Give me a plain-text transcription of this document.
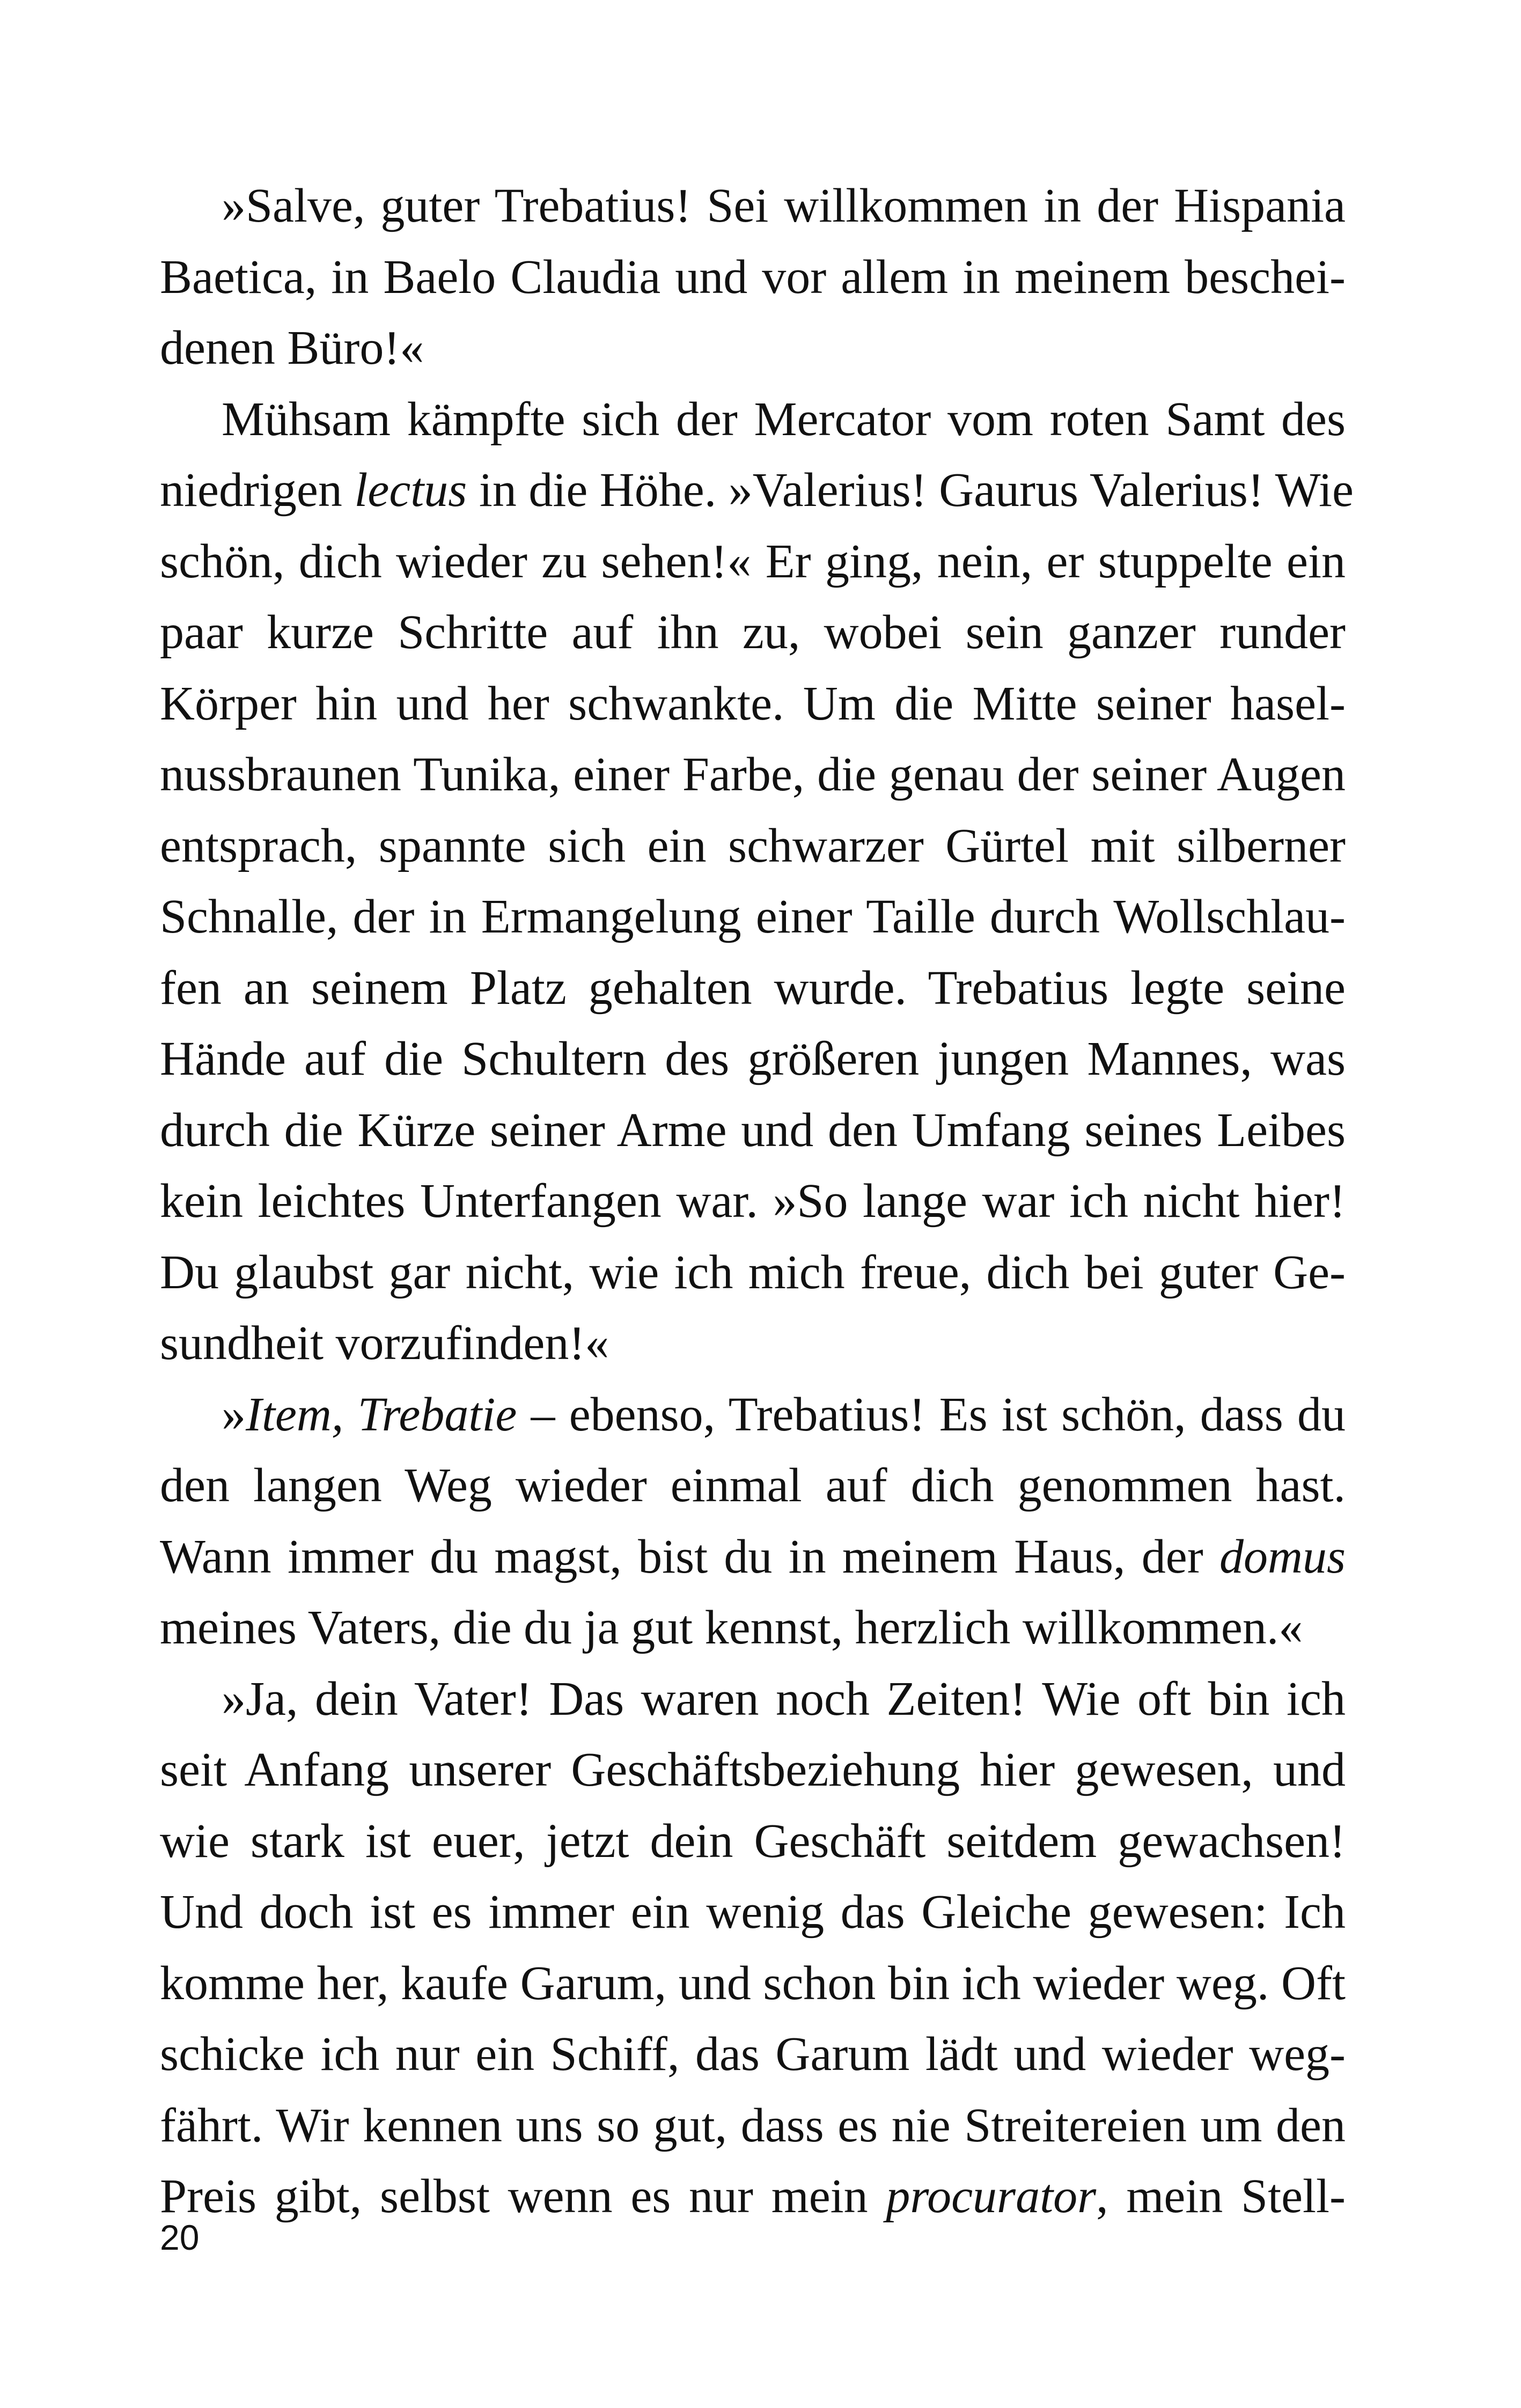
»Salve, guter Trebatius! Sei willkommen in der Hispania
Baetica, in Baelo Claudia und vor allem in meinem beschei-
denen Büro!«
Mühsam kämpfte sich der Mercator vom roten Samt des
niedrigen lectus in die Höhe. »Valerius! Gaurus Valerius! Wie
schön, dich wieder zu sehen!« Er ging, nein, er stuppelte ein
paar kurze Schritte auf ihn zu, wobei sein ganzer runder
Körper hin und her schwankte. Um die Mitte seiner hasel-
nussbraunen Tunika, einer Farbe, die genau der seiner Augen
entsprach, spannte sich ein schwarzer Gürtel mit silberner
Schnalle, der in Ermangelung einer Taille durch Wollschlau-
fen an seinem Platz gehalten wurde. Trebatius legte seine
Hände auf die Schultern des größeren jungen Mannes, was
durch die Kürze seiner Arme und den Umfang seines Leibes
kein leichtes Unterfangen war. »So lange war ich nicht hier!
Du glaubst gar nicht, wie ich mich freue, dich bei guter Ge-
sundheit vorzufinden!«
»Item, Trebatie – ebenso, Trebatius! Es ist schön, dass du
den langen Weg wieder einmal auf dich genommen hast.
Wann immer du magst, bist du in meinem Haus, der domus
meines Vaters, die du ja gut kennst, herzlich willkommen.«
»Ja, dein Vater! Das waren noch Zeiten! Wie oft bin ich
seit Anfang unserer Geschäftsbeziehung hier gewesen, und
wie stark ist euer, jetzt dein Geschäft seitdem gewachsen!
Und doch ist es immer ein wenig das Gleiche gewesen: Ich
komme her, kaufe Garum, und schon bin ich wieder weg. Oft
schicke ich nur ein Schiff, das Garum lädt und wieder weg-
fährt. Wir kennen uns so gut, dass es nie Streitereien um den
Preis gibt, selbst wenn es nur mein procurator, mein Stell-
20
